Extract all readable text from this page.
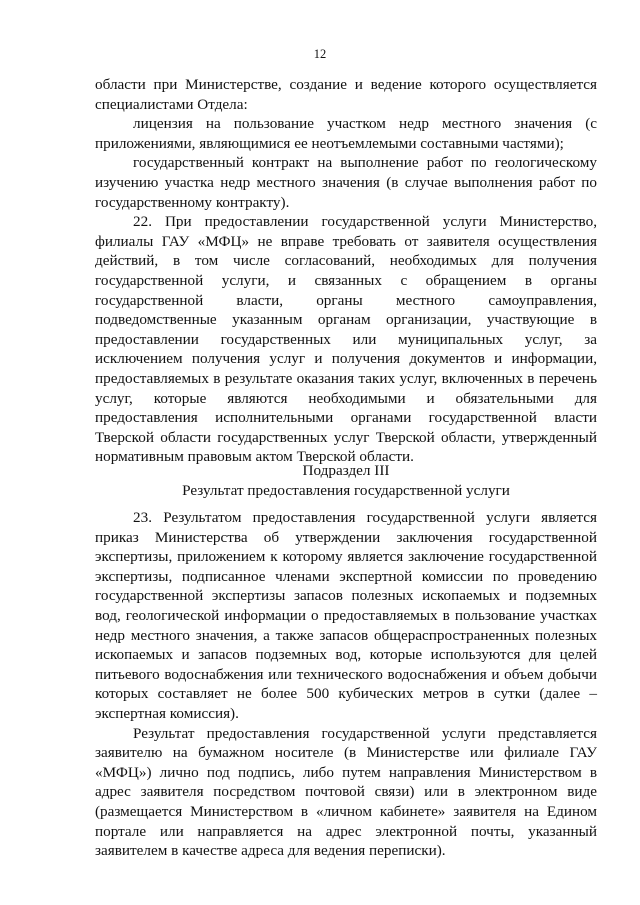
12

области при Министерстве, создание и ведение которого осуществляется специалистами Отдела:

лицензия на пользование участком недр местного значения (с приложениями, являющимися ее неотъемлемыми составными частями);

государственный контракт на выполнение работ по геологическому изучению участка недр местного значения (в случае выполнения работ по государственному контракту).

22. При предоставлении государственной услуги Министерство, филиалы ГАУ «МФЦ» не вправе требовать от заявителя осуществления действий, в том числе согласований, необходимых для получения государственной услуги, и связанных с обращением в органы государственной власти, органы местного самоуправления, подведомственные указанным органам организации, участвующие в предоставлении государственных или муниципальных услуг, за исключением получения услуг и получения документов и информации, предоставляемых в результате оказания таких услуг, включенных в перечень услуг, которые являются необходимыми и обязательными для предоставления исполнительными органами государственной власти Тверской области государственных услуг Тверской области, утвержденный нормативным правовым актом Тверской области.

Подраздел III
Результат предоставления государственной услуги

23. Результатом предоставления государственной услуги является приказ Министерства об утверждении заключения государственной экспертизы, приложением к которому является заключение государственной экспертизы, подписанное членами экспертной комиссии по проведению государственной экспертизы запасов полезных ископаемых и подземных вод, геологической информации о предоставляемых в пользование участках недр местного значения, а также запасов общераспространенных полезных ископаемых и запасов подземных вод, которые используются для целей питьевого водоснабжения или технического водоснабжения и объем добычи которых составляет не более 500 кубических метров в сутки (далее – экспертная комиссия).

Результат предоставления государственной услуги представляется заявителю на бумажном носителе (в Министерстве или филиале ГАУ «МФЦ») лично под подпись, либо путем направления Министерством в адрес заявителя посредством почтовой связи) или в электронном виде (размещается Министерством в «личном кабинете» заявителя на Едином портале или направляется на адрес электронной почты, указанный заявителем в качестве адреса для ведения переписки).
